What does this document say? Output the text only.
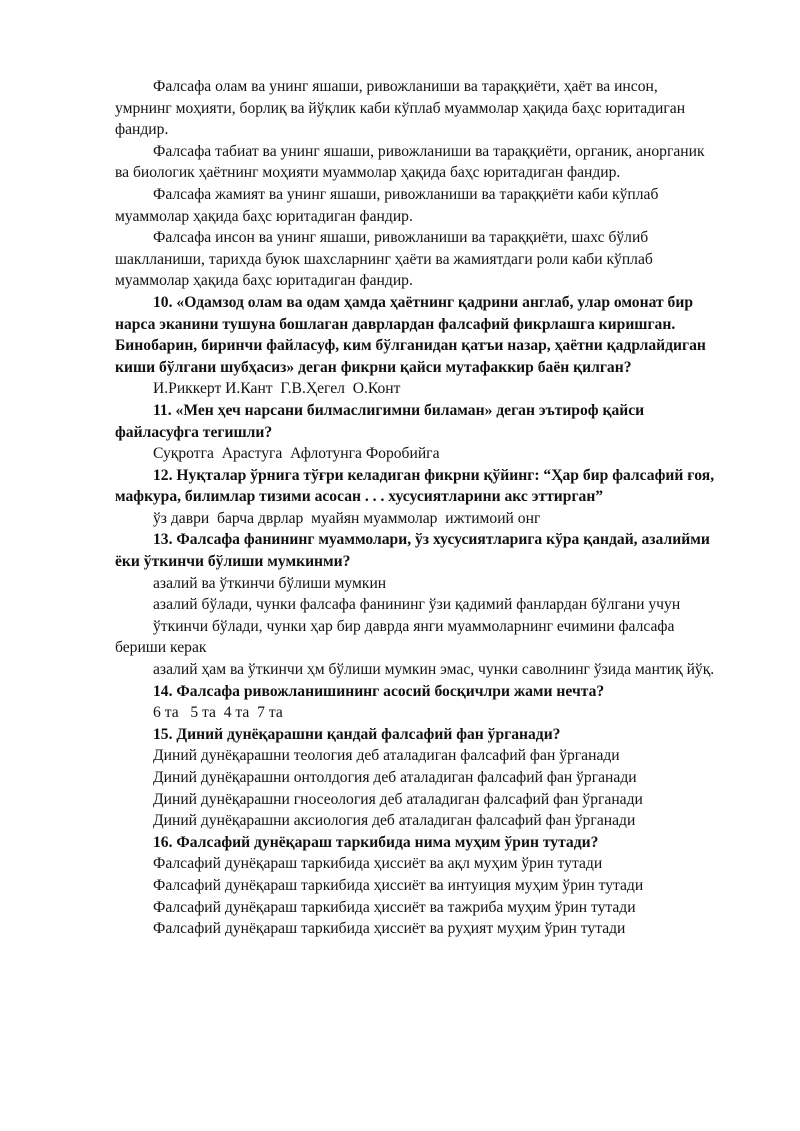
Фалсафа олам ва унинг яшаши, ривожланиши ва тараққиёти, ҳаёт ва инсон, умрнинг моҳияти, борлиқ ва йўқлик каби кўплаб муаммолар ҳақида баҳс юритадиган фандир.

Фалсафа табиат ва унинг яшаши, ривожланиши ва тараққиёти, органик, анорганик ва биологик ҳаётнинг моҳияти муаммолар ҳақида баҳс юритадиган фандир.

Фалсафа жамият ва унинг яшаши, ривожланиши ва тараққиёти каби кўплаб муаммолар ҳақида баҳс юритадиган фандир.

Фалсафа инсон ва унинг яшаши, ривожланиши ва тараққиёти, шахс бўлиб шаклланиши, тарихда буюк шахсларнинг ҳаёти ва жамиятдаги роли каби кўплаб муаммолар ҳақида баҳс юритадиган фандир.

10. «Одамзод олам ва одам ҳамда ҳаётнинг қадрини англаб, улар омонат бир нарса эканини тушуна бошлаган даврлардан фалсафий фикрлашга киришган. Бинобарин, биринчи файласуф, ким бўлганидан қатъи назар, ҳаётни қадрлайдиган киши бўлгани шубҳасиз» деган фикрни қайси мутафаккир баён қилган?

И.Риккерт И.Кант  Г.В.Ҳегел  О.Конт

11. «Мен ҳеч нарсани билмаслигимни биламан» деган эътироф қайси файласуфга тегишли?

Суқротга  Арастуга  Афлотунга Форобийга

12. Нуқталар ўрнига тўғри келадиган фикрни қўйинг: “Ҳар бир фалсафий ғоя, мафкура, билимлар тизими асосан . . . хусусиятларини акс эттирган”

ўз даври  барча дврлар  муайян муаммолар  ижтимоий онг

13. Фалсафа фанининг муаммолари, ўз хусусиятларига кўра қандай, азалийми ёки ўткинчи бўлиши мумкинми?

азалий ва ўткинчи бўлиши мумкин

азалий бўлади, чунки фалсафа фанининг ўзи қадимий фанлардан бўлгани учун

ўткинчи бўлади, чунки ҳар бир даврда янги муаммоларнинг ечимини фалсафа бериши керак

азалий ҳам ва ўткинчи ҳм бўлиши мумкин эмас, чунки саволнинг ўзида мантиқ йўқ.

14. Фалсафа ривожланишининг асосий босқичлри жами нечта?

6 та   5 та  4 та  7 та

15. Диний дунёқарашни қандай фалсафий фан ўрганади?

Диний дунёқарашни теология деб аталадиган фалсафий фан ўрганади

Диний дунёқарашни онтолдогия деб аталадиган фалсафий фан ўрганади

Диний дунёқарашни гносеология деб аталадиган фалсафий фан ўрганади

Диний дунёқарашни аксиология деб аталадиган фалсафий фан ўрганади

16. Фалсафий дунёқараш таркибида нима муҳим ўрин тутади?

Фалсафий дунёқараш таркибида ҳиссиёт ва ақл муҳим ўрин тутади

Фалсафий дунёқараш таркибида ҳиссиёт ва интуиция муҳим ўрин тутади

Фалсафий дунёқараш таркибида ҳиссиёт ва тажриба муҳим ўрин тутади

Фалсафий дунёқараш таркибида ҳиссиёт ва руҳият муҳим ўрин тутади
